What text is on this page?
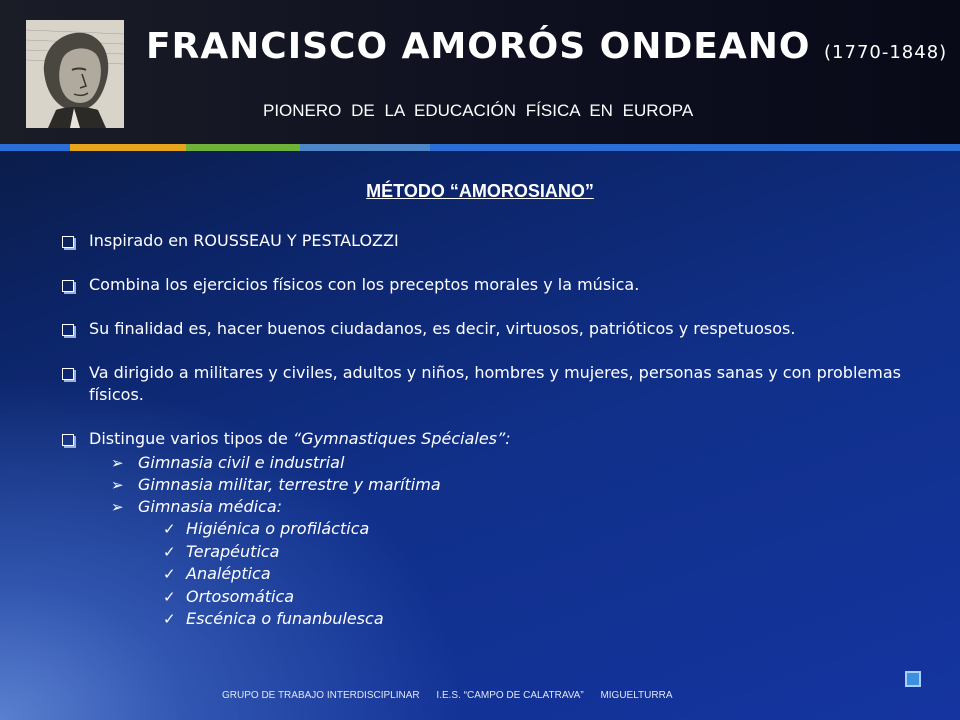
FRANCISCO AMORÓS ONDEANO (1770-1848)
PIONERO DE LA EDUCACIÓN FÍSICA EN EUROPA
MÉTODO “AMOROSIANO”
Inspirado en ROUSSEAU Y PESTALOZZI
Combina los ejercicios físicos con los preceptos morales y la música.
Su finalidad es, hacer buenos ciudadanos, es decir, virtuosos, patrióticos y respetuosos.
Va dirigido a militares y civiles, adultos y niños, hombres y mujeres, personas sanas y con problemas físicos.
Distingue varios tipos de “Gymnastiques Spéciales”:
➢ Gimnasia civil e industrial
➢ Gimnasia militar, terrestre y marítima
➢ Gimnasia médica:
✓ Higiénica o profiláctica
✓ Terapéutica
✓ Analéptica
✓ Ortosomática
✓ Escénica o funanbulesca
GRUPO DE TRABAJO INTERDISCIPLINAR I.E.S. “CAMPO DE CALATRAVA” MIGUELTURRA
